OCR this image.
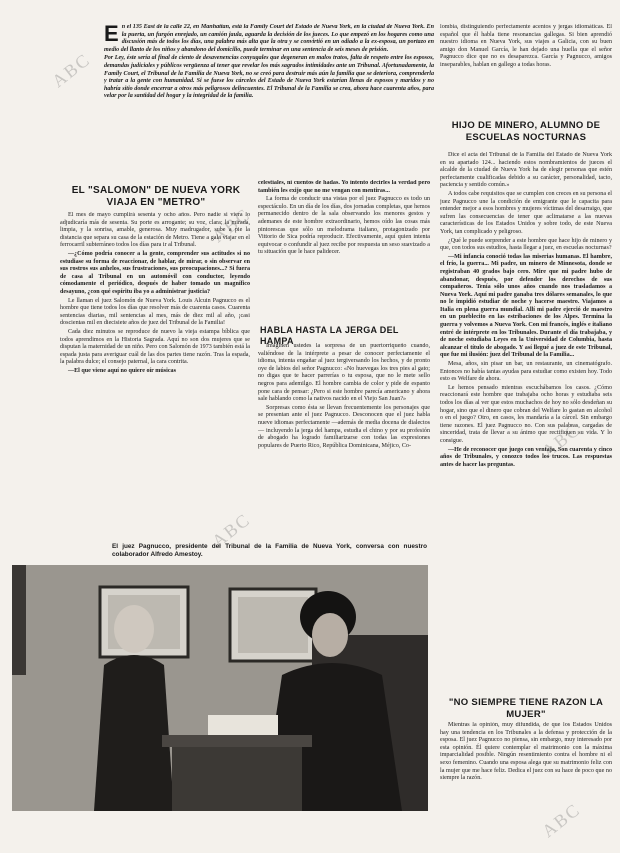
ABC
ABC
ABC
ABC
ABC
E n el 135 East de la calle 22, en Manhattan, está la Family Court del Estado de Nueva York, en la ciudad de Nueva York. En la puerta, un furgón enrejado, un camión jaula, aguarda la decisión de los jueces. Lo que empezó en los hogares como una discusión más de todos los días, una palabra más alta que la otra y se convirtió en un odiado a la ex-esposa, un portazo en medio del llanto de los niños y abandono del domicilio, puede terminar en una sentencia de seis meses de prisión.

Por Ley, éste sería al final de ciento de desavenencias conyugales que degeneran en malos tratos, falta de respeto entre los esposos, demandas judiciales y públicos vergüenza al tener que revelar los más sagrados intimidades ante un Tribunal. Afortunadamente, la Family Court, el Tribunal de la Familia de Nueva York, no se creó para destruir más aún la familia que se deteriora, comprenderla y tratar a la gente con humanidad. Si se fuese los cárceles del Estado de Nueva York estarían llenas de esposos y maridos y no habría sitio donde encerrar a otros más peligrosos delincuentes. El Tribunal de la Familia se crea, ahora hace cuarenta años, para velar por la santidad del hogar y la integridad de la familia.

EL "SALOMON" DE NUEVA YORK VIAJA EN "METRO"

El mes de mayo cumplirá sesenta y ocho años. Pero nadie si viera lo adjudicaría más de sesenta. Su porte es arrogante; su voz, clara; la mirada, limpia, y la sonrisa, amable, generosa. Muy madrugador, sube a pie la distancia que separa su casa de la estación de Metro. Tiene a gala viajar en el ferrocarril subterráneo todos los días para ir al Tribunal.

—¿Cómo podría conocer a la gente, comprender sus actitudes si no estudiase su forma de reaccionar, de hablar, de mirar, o sin observar en sus rostros sus anhelos, sus frustraciones, sus preocupaciones...? Si fuera de casa al Tribunal en un automóvil con conductor, leyendo cómodamente el periódico, después de haber tomado un magnífico desayuno, ¿con qué espíritu iba yo a administrar justicia?

Le llaman el juez Salomón de Nueva York. Louis Alcuin Pagnucco es el hombre que tiene todos los días que resolver más de cuarenta casos. Cuarenta sentencias diarias, mil sentencias al mes, más de diez mil al año, ¡casi doscientas mil en diecisiete años de juez del Tribunal de la Familia!

Cada diez minutos se reproduce de nuevo la vieja estampa bíblica que todos aprendimos en la Historia Sagrada. Aquí no son dos mujeres que se disputan la maternidad de un niño. Pero con Salomón de 1973 también está la espada justa para averiguar cuál de las dos partes tiene razón. Tras la espada, la palabra dulce; el consejo paternal, la cara contrita.

—El que viene aquí no quiere oír músicas

celestiales, ni cuentos de hadas. Yo intento decirles la verdad pero también les exijo que no me vengan con mentiras...

La forma de conducir una vistas por el juez Pagnucco es todo un espectáculo. En un día de los días, dos jornadas completas, que hemos permanecido dentro de la sala observando los menores gestos y ademanes de este hombre extraordinario, hemos oído las cosas más pintorescas que sólo un melodrama italiano, protagonizado por Vittorio de Sica podría reproducir. Efectivamente, aquí quien intenta equivocar o confundir al juez recibe por respuesta un seso suavizado a tu situación que le hace palidecer.

HABLA HASTA LA JERGA DEL HAMPA

Imaginen ustedes la sorpresa de un puertorriqueño cuando, valiéndose de la intérprete a pesar de conocer perfectamente el idioma, intenta engañar al juez tergiversando los hechos, y de pronto oye de labios del señor Pagnucco: «No huevegas los tres pies al gato; no digas que te hacer parrerías o tu esposa, que no le mete sello negros para ademilgo. El hombre cambia de color y pide de espanto pone cara de pensar: ¿Pero si este hombre parecía americano y ahora sale hablando como la nativos nacido en el Viejo San Juan?»

Sorpresas como ésta se llevan frecuentemente los personajes que se presentan ante el juez Pagnucco. Desconocen que el juez habla nueve idiomas perfectamente —además de media docena de dialectos— incluyendo la jerga del hampa, estudia el chino y por su profesión de abogado ha logrado familiarizarse con todas las expresiones populares de Puerto Rico, República Dominicana, Méjico, Co-

lombia, distinguiendo perfectamente acentos y jergas idiomáticas. El español que él habla tiene resonancias gallegas. Si bien aprendió nuestro idioma en Nueva York, sus viajes a Galicia, con su buen amigo don Manuel García, le han dejado una huella que el señor Pagnucco dice que no es desaparezca. García y Pagnucco, amigos inseparables, hablan en gallego a todas horas.

HIJO DE MINERO, ALUMNO DE ESCUELAS NOCTURNAS

Dice el acta del Tribunal de la Familia del Estado de Nueva York en su apartado 124... haciendo estos nombramientos de jueces el alcalde de la ciudad de Nueva York ha de elegir personas que estén perfectamente cualificadas debido a su carácter, personalidad, tacto, paciencia y sentido común.»

A todos cabe requisitos que se cumplen con creces en su persona el juez Pagnucco une la condición de emigrante que le capacita para entender mejor a esos hombres y mujeres víctimas del desarraigo, que sufren las consecuencias de tener que aclimatarse a las nuevas características de los Estados Unidos y sobre todo, de este Nueva York, tan complicado y peligroso.

¿Qué le puede sorprender a este hombre que hace hijo de minero y que, con todos sus estudios, hasta llegar a juez, en escuelas nocturnas?

—Mi infancia conoció todas las miserias humanas. El hambre, el frío, la guerra... Mi padre, un minero de Minnesota, donde se registraban 40 grados bajo cero. Mire que mi padre hubo de abandonar, después, por defender los derechos de sus compañeros. Tenía sólo unos años cuando nos trasladamos a Nueva York. Aquí mi padre ganaba tres dólares semanales, lo que no le impidió estudiar de noche y hacerse maestro. Viajamos a Italia en plena guerra mundial. Allí mi padre ejerció de maestro en un pueblecito en las estribaciones de los Alpes. Termina la guerra y volvemos a Nueva York. Con mi francés, inglés e italiano entré de intérprete en los Tribunales. Durante el día trabajaba, y de noche estudiaba Leyes en la Universidad de Columbia, hasta alcanzar el título de abogado. Y así llegué a juez de este Tribunal, que fue mi ilusión: juez del Tribunal de la Familia...

Mesa, años, sin pisar un bar, un restaurante, un cinematógrafo. Entonces no había tantas ayudas para estudiar como existen hoy. Todo esto es Welfare de ahora.

Le hemos pensado mientras escuchábamos los casos. ¿Cómo reaccionará este hombre que trabajaba ocho horas y estudiaba seis todos los días al ver que estos muchachos de hoy no sólo desdeñan su hogar, sino que el dinero que cobran del Welfare lo gastan en alcohol o en el juego? Otro, en casos, les mandaría a la cárcel. Sin embargo tiene razones. El juez Pagnucco no. Con sus palabras, cargadas de sinceridad, trata de llevar a su ánimo que rectifiquen su vida. Y lo consigue.

—He de reconocer que juego con ventaja. Son cuarenta y cinco años de Tribunales, y conozco todos los trucos. Las respuestas antes de hacer las preguntas.

"NO SIEMPRE TIENE RAZON LA MUJER"

Mientras la opinión, muy difundida, de que los Estados Unidos hay una tendencia en los Tribunales a la defensa y protección de la esposa. El juez Pagnucco no piensa, sin embargo, muy interesado por esta opinión. Él quiere contemplar el matrimonio con la máxima imparcialidad posible. Ningún resentimiento contra el hombre ni el sexo femenino. Cuando una esposa alega que su matrimonio feliz con la mujer que me hace feliz. Dedica el juez con su hace de poco que no siempre la razón.

El juez Pagnucco, presidente del Tribunal de la Familia de Nueva York, conversa con nuestro colaborador Alfredo Amestoy.
